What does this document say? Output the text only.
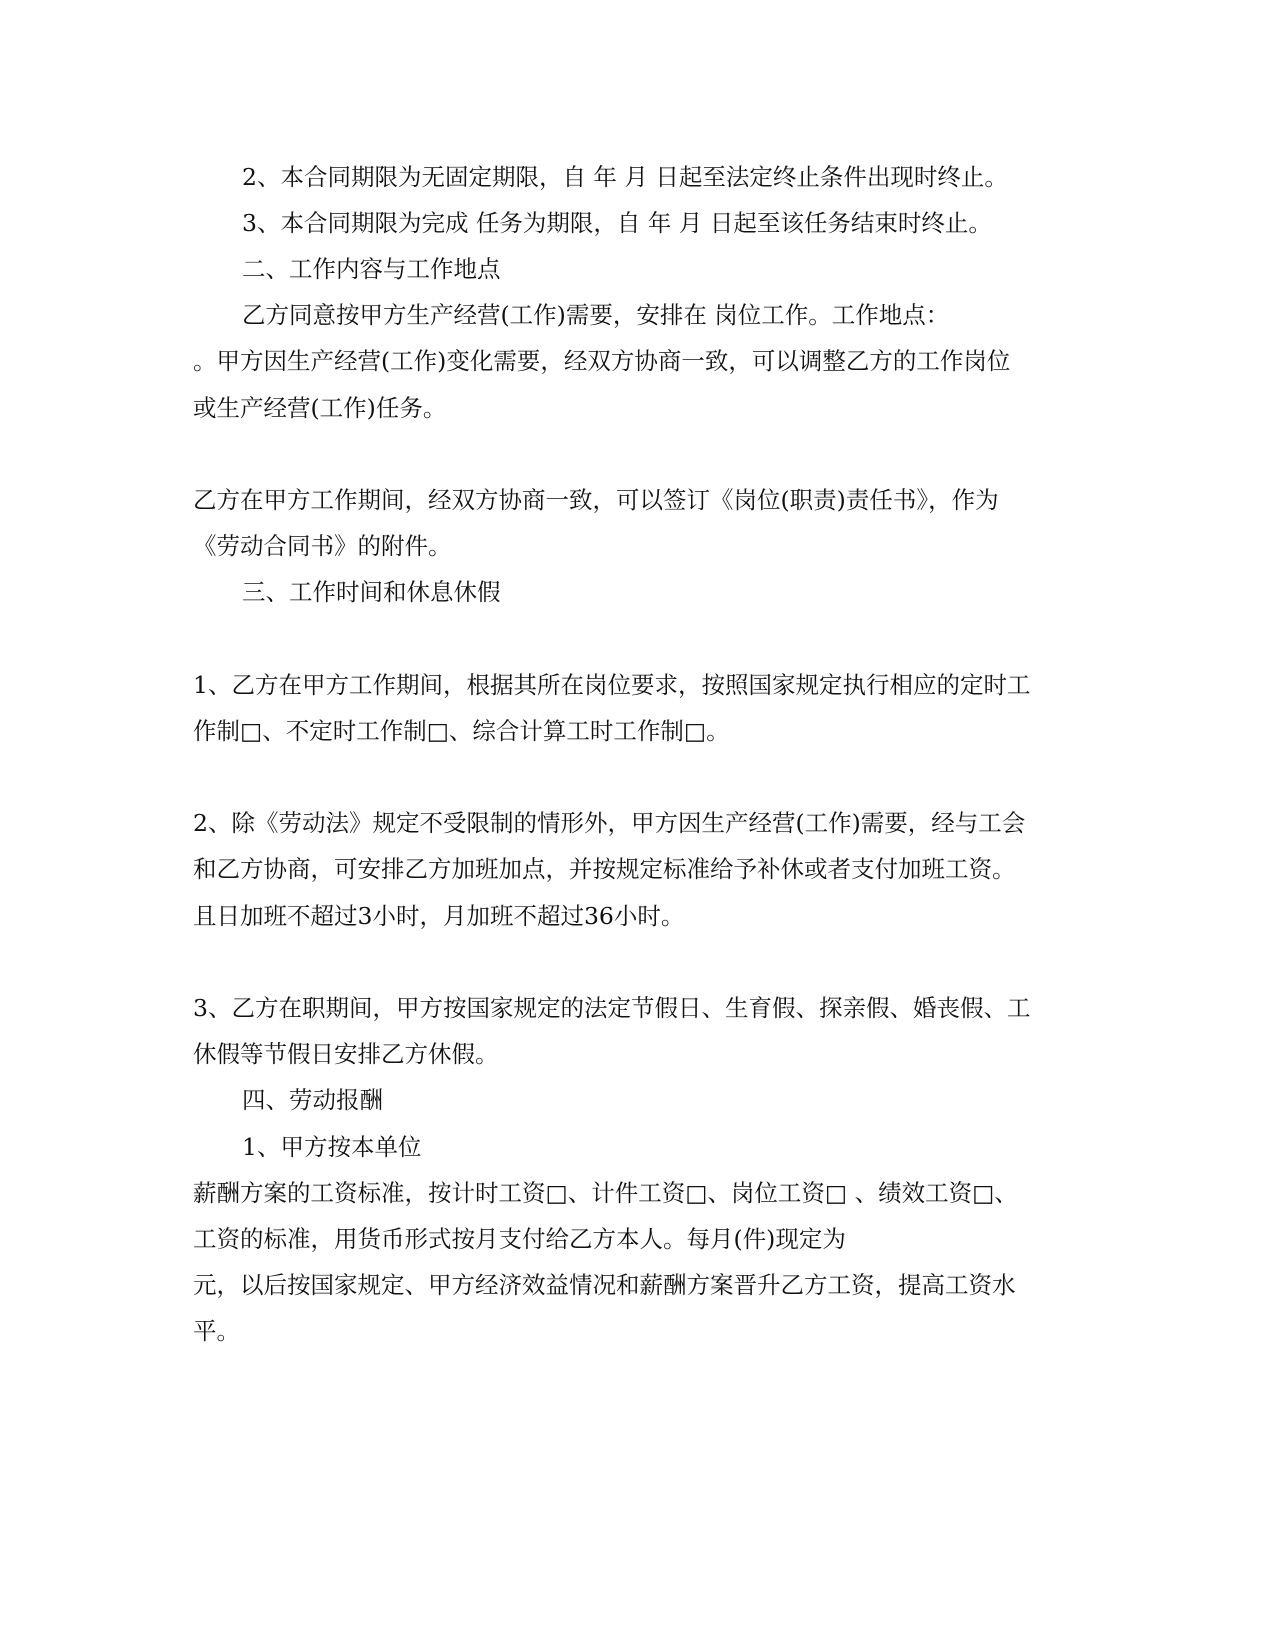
2、本合同期限为无固定期限，自 年 月 日起至法定终止条件出现时终止。

3、本合同期限为完成 任务为期限，自 年 月 日起至该任务结束时终止。

二、工作内容与工作地点

乙方同意按甲方生产经营(工作)需要，安排在 岗位工作。工作地点：

。甲方因生产经营(工作)变化需要，经双方协商一致，可以调整乙方的工作岗位

或生产经营(工作)任务。

乙方在甲方工作期间，经双方协商一致，可以签订《岗位(职责)责任书》，作为

《劳动合同书》的附件。

三、工作时间和休息休假

1、乙方在甲方工作期间，根据其所在岗位要求，按照国家规定执行相应的定时工

作制□、不定时工作制□、综合计算工时工作制□。

2、除《劳动法》规定不受限制的情形外，甲方因生产经营(工作)需要，经与工会

和乙方协商，可安排乙方加班加点，并按规定标准给予补休或者支付加班工资。

且日加班不超过3小时，月加班不超过36小时。

3、乙方在职期间，甲方按国家规定的法定节假日、生育假、探亲假、婚丧假、工

休假等节假日安排乙方休假。

四、劳动报酬

1、甲方按本单位

薪酬方案的工资标准，按计时工资□、计件工资□、岗位工资□ 、绩效工资□、

工资的标准，用货币形式按月支付给乙方本人。每月(件)现定为

元，以后按国家规定、甲方经济效益情况和薪酬方案晋升乙方工资，提高工资水

平。
